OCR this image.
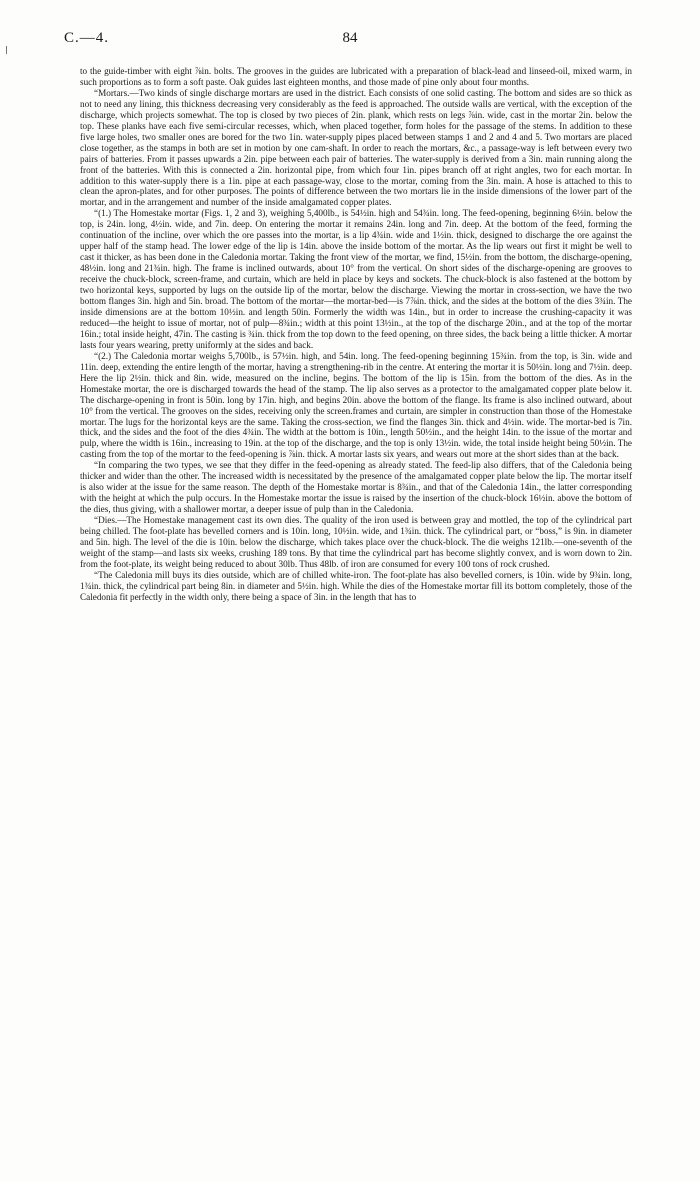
C.—4.	84

to the guide-timber with eight ⅞in. bolts. The grooves in the guides are lubricated with a preparation of black-lead and linseed-oil, mixed warm, in such proportions as to form a soft paste. Oak guides last eighteen months, and those made of pine only about four months.

“Mortars.—Two kinds of single discharge mortars are used in the district. Each consists of one solid casting. The bottom and sides are so thick as not to need any lining, this thickness decreasing very considerably as the feed is approached. The outside walls are vertical, with the exception of the discharge, which projects somewhat. The top is closed by two pieces of 2in. plank, which rests on legs ⅞in. wide, cast in the mortar 2in. below the top. These planks have each five semi-circular recesses, which, when placed together, form holes for the passage of the stems. In addition to these five large holes, two smaller ones are bored for the two 1in. water-supply pipes placed between stamps 1 and 2 and 4 and 5. Two mortars are placed close together, as the stamps in both are set in motion by one cam-shaft. In order to reach the mortars, &c., a passage-way is left between every two pairs of batteries. From it passes upwards a 2in. pipe between each pair of batteries. The water-supply is derived from a 3in. main running along the front of the batteries. With this is connected a 2in. horizontal pipe, from which four 1in. pipes branch off at right angles, two for each mortar. In addition to this water-supply there is a 1in. pipe at each passage-way, close to the mortar, coming from the 3in. main. A hose is attached to this to clean the apron-plates, and for other purposes. The points of difference between the two mortars lie in the inside dimensions of the lower part of the mortar, and in the arrangement and number of the inside amalgamated copper plates.

“(1.) The Homestake mortar (Figs. 1, 2 and 3), weighing 5,400lb., is 54½in. high and 54¾in. long. The feed-opening, beginning 6½in. below the top, is 24in. long, 4½in. wide, and 7in. deep. On entering the mortar it remains 24in. long and 7in. deep. At the bottom of the feed, forming the continuation of the incline, over which the ore passes into the mortar, is a lip 4¾in. wide and 1½in. thick, designed to discharge the ore against the upper half of the stamp head. The lower edge of the lip is 14in. above the inside bottom of the mortar. As the lip wears out first it might be well to cast it thicker, as has been done in the Caledonia mortar. Taking the front view of the mortar, we find, 15½in. from the bottom, the discharge-opening, 48½in. long and 21¾in. high. The frame is inclined outwards, about 10° from the vertical. On short sides of the discharge-opening are grooves to receive the chuck-block, screen-frame, and curtain, which are held in place by keys and sockets. The chuck-block is also fastened at the bottom by two horizontal keys, supported by lugs on the outside lip of the mortar, below the discharge. Viewing the mortar in cross-section, we have the two bottom flanges 3in. high and 5in. broad. The bottom of the mortar—the mortar-bed—is 7⅞in. thick, and the sides at the bottom of the dies 3¾in. The inside dimensions are at the bottom 10½in. and length 50in. Formerly the width was 14in., but in order to increase the crushing-capacity it was reduced—the height to issue of mortar, not of pulp—8¾in.; width at this point 13½in., at the top of the discharge 20in., and at the top of the mortar 16in.; total inside height, 47in. The casting is ¾in. thick from the top down to the feed opening, on three sides, the back being a little thicker. A mortar lasts four years wearing, pretty uniformly at the sides and back.

“(2.) The Caledonia mortar weighs 5,700lb., is 57½in. high, and 54in. long. The feed-opening beginning 15¾in. from the top, is 3in. wide and 11in. deep, extending the entire length of the mortar, having a strengthening-rib in the centre. At entering the mortar it is 50½in. long and 7½in. deep. Here the lip 2½in. thick and 8in. wide, measured on the incline, begins. The bottom of the lip is 15in. from the bottom of the dies. As in the Homestake mortar, the ore is discharged towards the head of the stamp. The lip also serves as a protector to the amalgamated copper plate below it. The discharge-opening in front is 50in. long by 17in. high, and begins 20in. above the bottom of the flange. Its frame is also inclined outward, about 10° from the vertical. The grooves on the sides, receiving only the screen.frames and curtain, are simpler in construction than those of the Homestake mortar. The lugs for the horizontal keys are the same. Taking the cross-section, we find the flanges 3in. thick and 4½in. wide. The mortar-bed is 7in. thick, and the sides and the foot of the dies 4¾in. The width at the bottom is 10in., length 50½in., and the height 14in. to the issue of the mortar and pulp, where the width is 16in., increasing to 19in. at the top of the discharge, and the top is only 13½in. wide, the total inside height being 50½in. The casting from the top of the mortar to the feed-opening is ⅞in. thick. A mortar lasts six years, and wears out more at the short sides than at the back.

“In comparing the two types, we see that they differ in the feed-opening as already stated. The feed-lip also differs, that of the Caledonia being thicker and wider than the other. The increased width is necessitated by the presence of the amalgamated copper plate below the lip. The mortar itself is also wider at the issue for the same reason. The depth of the Homestake mortar is 8¾in., and that of the Caledonia 14in., the latter corresponding with the height at which the pulp occurs. In the Homestake mortar the issue is raised by the insertion of the chuck-block 16½in. above the bottom of the dies, thus giving, with a shallower mortar, a deeper issue of pulp than in the Caledonia.

“Dies.—The Homestake management cast its own dies. The quality of the iron used is between gray and mottled, the top of the cylindrical part being chilled. The foot-plate has bevelled corners and is 10in. long, 10½in. wide, and 1¾in. thick. The cylindrical part, or “boss,” is 9in. in diameter and 5in. high. The level of the die is 10in. below the discharge, which takes place over the chuck-block. The die weighs 121lb.—one-seventh of the weight of the stamp—and lasts six weeks, crushing 189 tons. By that time the cylindrical part has become slightly convex, and is worn down to 2in. from the foot-plate, its weight being reduced to about 30lb. Thus 48lb. of iron are consumed for every 100 tons of rock crushed.

“The Caledonia mill buys its dies outside, which are of chilled white-iron. The foot-plate has also bevelled corners, is 10in. wide by 9¾in. long, 1¾in. thick, the cylindrical part being 8in. in diameter and 5½in. high. While the dies of the Homestake mortar fill its bottom completely, those of the Caledonia fit perfectly in the width only, there being a space of 3in. in the length that has to
